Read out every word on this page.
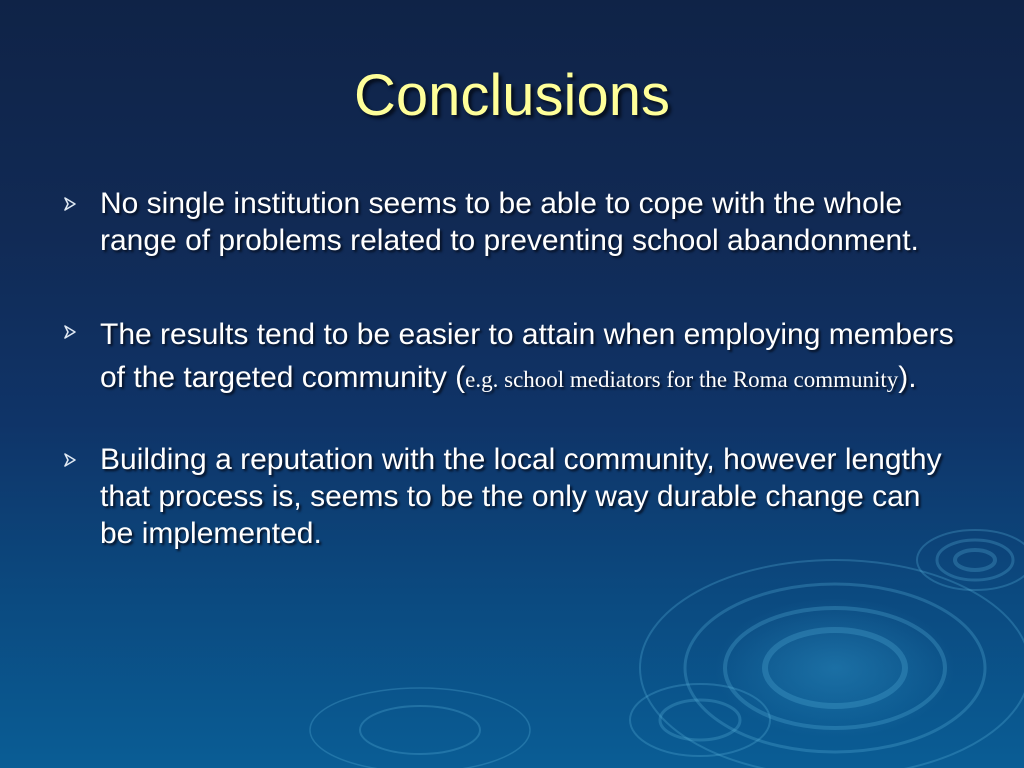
Conclusions
No single institution seems to be able to cope with the whole range of problems related to preventing school abandonment.
The results tend to be easier to attain when employing members of the targeted community (e.g. school mediators for the Roma community).
Building a reputation with the local community, however lengthy that process is, seems to be the only way durable change can be implemented.
